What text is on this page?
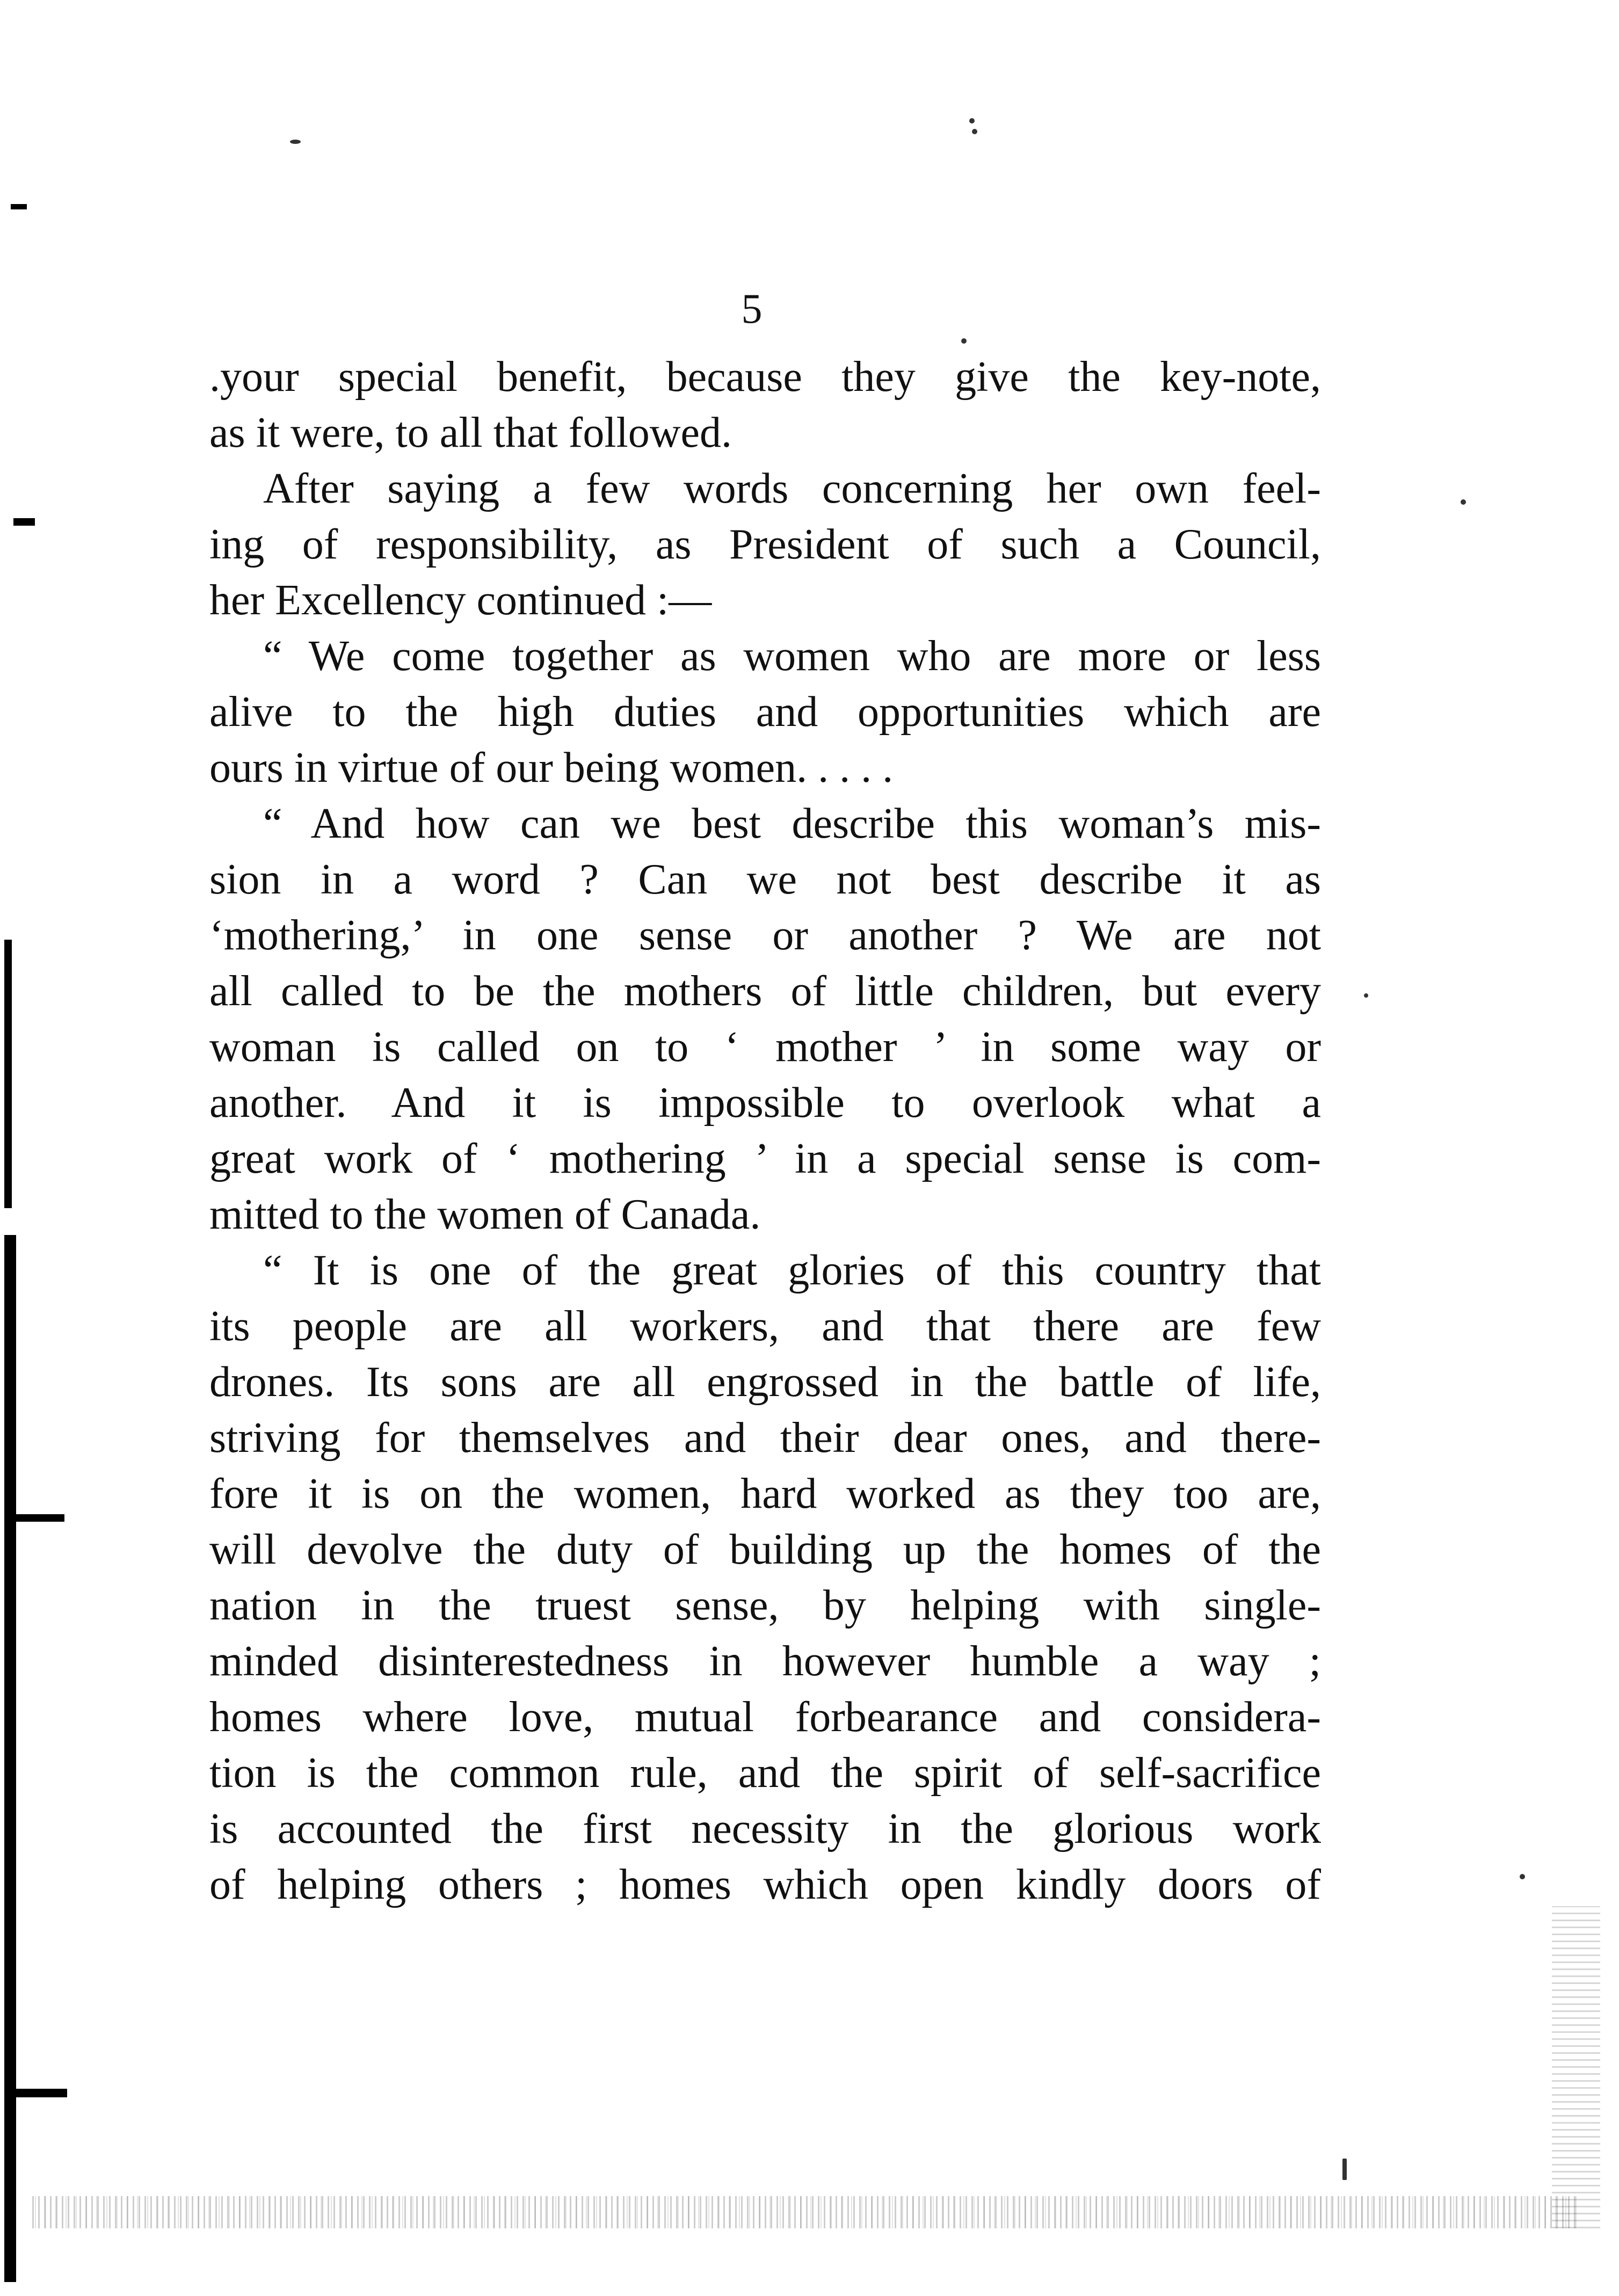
5
.your special benefit, because they give the key-note,
as it were, to all that followed.
After saying a few words concerning her own feel-
ing of responsibility, as President of such a Council,
her Excellency continued :—
“ We come together as women who are more or less
alive to the high duties and opportunities which are
ours in virtue of our being women. . . . .
“ And how can we best describe this woman’s mis-
sion in a word ? Can we not best describe it as
‘mothering,’ in one sense or another ? We are not
all called to be the mothers of little children, but every
woman is called on to ‘ mother ’ in some way or
another. And it is impossible to overlook what a
great work of ‘ mothering ’ in a special sense is com-
mitted to the women of Canada.
“ It is one of the great glories of this country that
its people are all workers, and that there are few
drones. Its sons are all engrossed in the battle of life,
striving for themselves and their dear ones, and there-
fore it is on the women, hard worked as they too are,
will devolve the duty of building up the homes of the
nation in the truest sense, by helping with single-
minded disinterestedness in however humble a way ;
homes where love, mutual forbearance and considera-
tion is the common rule, and the spirit of self-sacrifice
is accounted the first necessity in the glorious work
of helping others ; homes which open kindly doors of
